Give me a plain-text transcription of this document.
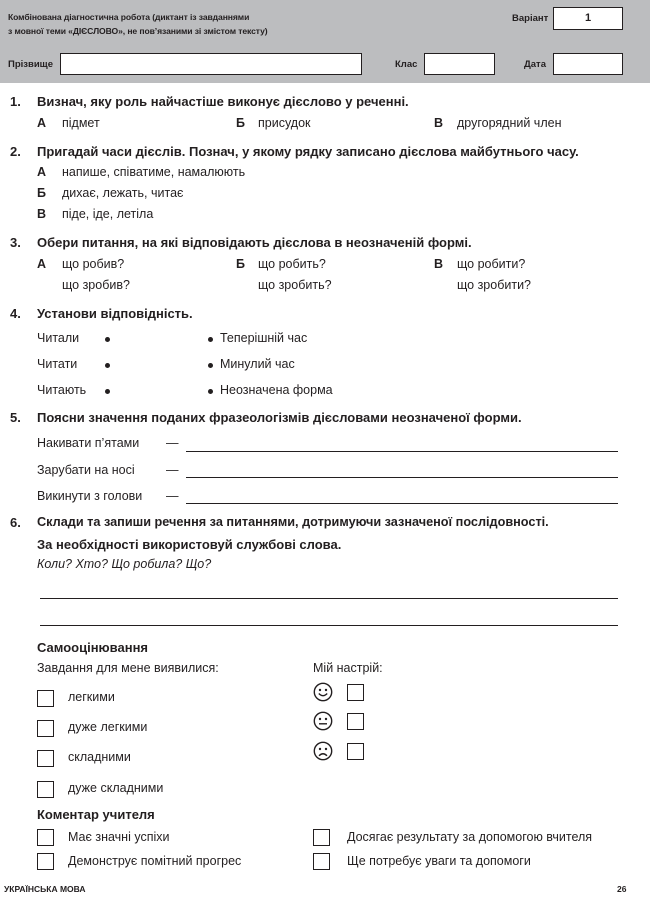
Комбінована діагностична робота (диктант із завданнями
з мовної теми «ДІЄСЛОВО», не пов’язаними зі змістом тексту)
Варіант	1
Прізвище	Клас	Дата
1. Визнач, яку роль найчастіше виконує дієслово у реченні.
А підмет	Б присудок	В другорядний член
2. Пригадай часи дієслів. Познач, у якому рядку записано дієслова майбутнього часу.
А напише, співатиме, намалюють
Б дихає, лежать, читає
В піде, іде, летіла
3. Обери питання, на які відповідають дієслова в неозначеній формі.
А що робив?
що зробив?
Б що робить?
що зробить?
В що робити?
що зробити?
4. Установи відповідність.
Читали	Теперішній час
Читати	Минулий час
Читають	Неозначена форма
5. Поясни значення поданих фразеологізмів дієсловами неозначеної форми.
Накивати п’ятами —
Зарубати на носі	—
Викинути з голови —
6. Склади та запиши речення за питаннями, дотримуючи зазначеної послідовності.
За необхідності використовуй службові слова.
Коли? Хто? Що робила? Що?
Самооцінювання
Завдання для мене виявилися:	Мій настрій:
легкими
дуже легкими
складними
дуже складними
Коментар учителя
Має значні успіхи
Демонструє помітний прогрес
Досягає результату за допомогою вчителя
Ще потребує уваги та допомоги
УКРАЇНСЬКА МОВА	26
